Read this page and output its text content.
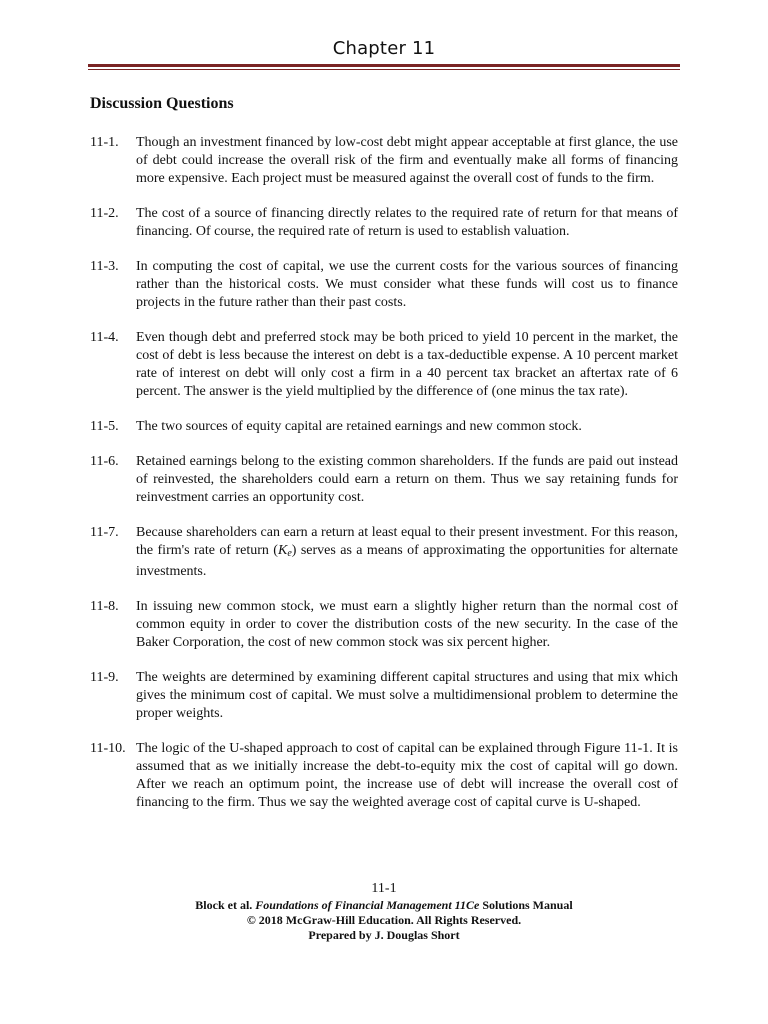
Chapter 11
Discussion Questions
11-1.	Though an investment financed by low-cost debt might appear acceptable at first glance, the use of debt could increase the overall risk of the firm and eventually make all forms of financing more expensive. Each project must be measured against the overall cost of funds to the firm.
11-2.	The cost of a source of financing directly relates to the required rate of return for that means of financing. Of course, the required rate of return is used to establish valuation.
11-3.	In computing the cost of capital, we use the current costs for the various sources of financing rather than the historical costs. We must consider what these funds will cost us to finance projects in the future rather than their past costs.
11-4.	Even though debt and preferred stock may be both priced to yield 10 percent in the market, the cost of debt is less because the interest on debt is a tax-deductible expense. A 10 percent market rate of interest on debt will only cost a firm in a 40 percent tax bracket an aftertax rate of 6 percent. The answer is the yield multiplied by the difference of (one minus the tax rate).
11-5.	The two sources of equity capital are retained earnings and new common stock.
11-6.	Retained earnings belong to the existing common shareholders. If the funds are paid out instead of reinvested, the shareholders could earn a return on them. Thus we say retaining funds for reinvestment carries an opportunity cost.
11-7.	Because shareholders can earn a return at least equal to their present investment. For this reason, the firm's rate of return $(K_e)$ serves as a means of approximating the opportunities for alternate investments.
11-8.	In issuing new common stock, we must earn a slightly higher return than the normal cost of common equity in order to cover the distribution costs of the new security. In the case of the Baker Corporation, the cost of new common stock was six percent higher.
11-9.	The weights are determined by examining different capital structures and using that mix which gives the minimum cost of capital. We must solve a multidimensional problem to determine the proper weights.
11-10. The logic of the U-shaped approach to cost of capital can be explained through Figure 11-1. It is assumed that as we initially increase the debt-to-equity mix the cost of capital will go down. After we reach an optimum point, the increase use of debt will increase the overall cost of financing to the firm. Thus we say the weighted average cost of capital curve is U-shaped.
11-1
Block et al. Foundations of Financial Management 11Ce Solutions Manual
© 2018 McGraw-Hill Education. All Rights Reserved.
Prepared by J. Douglas Short
